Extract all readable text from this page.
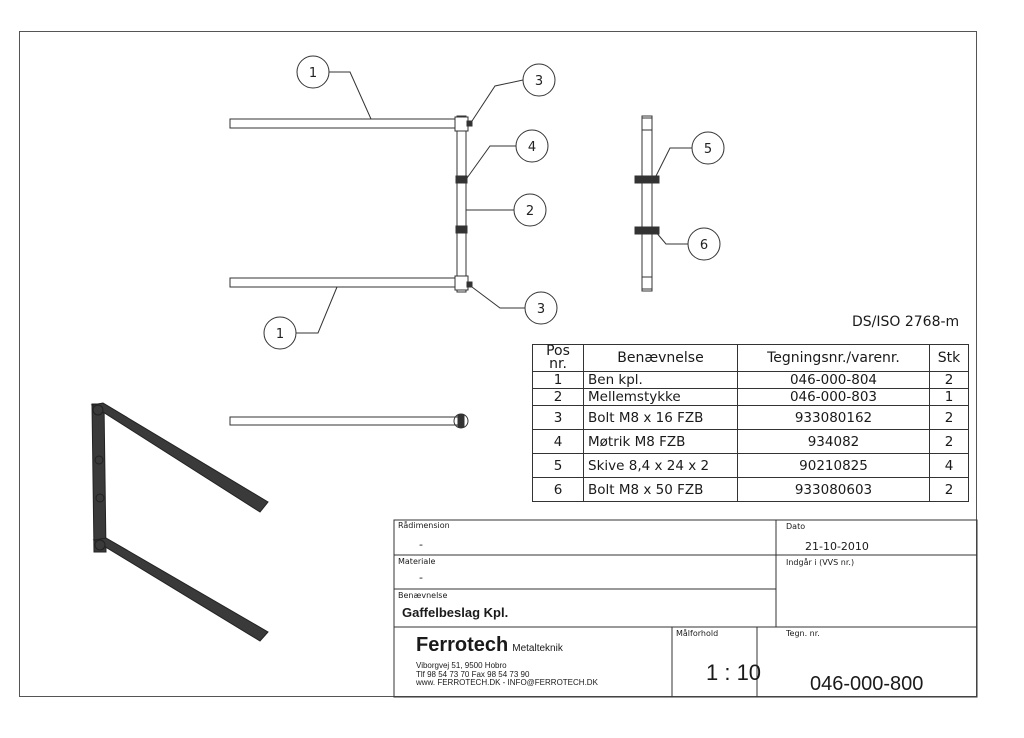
1
3
4
2
3
1
5
6
DS/ISO 2768-m
Pos
nr.	Benævnelse	Tegningsnr./varenr.	Stk
1	Ben kpl.	046-000-804	2
2	Mellemstykke	046-000-803	1
3	Bolt M8 x 16 FZB	933080162	2
4	Møtrik M8 FZB	934082	2
5	Skive 8,4 x 24 x 2	90210825	4
6	Bolt M8 x 50 FZB	933080603	2
Rådimension
-
Dato
21-10-2010
Materiale
-
Indgår i (VVS nr.)
Benævnelse
Gaffelbeslag Kpl.
Ferrotech Metalteknik
Viborgvej 51, 9500 Hobro
Tlf 98 54 73 70 Fax 98 54 73 90
www. FERROTECH.DK - INFO@FERROTECH.DK
Målforhold
1 : 10
Tegn. nr.
046-000-800
